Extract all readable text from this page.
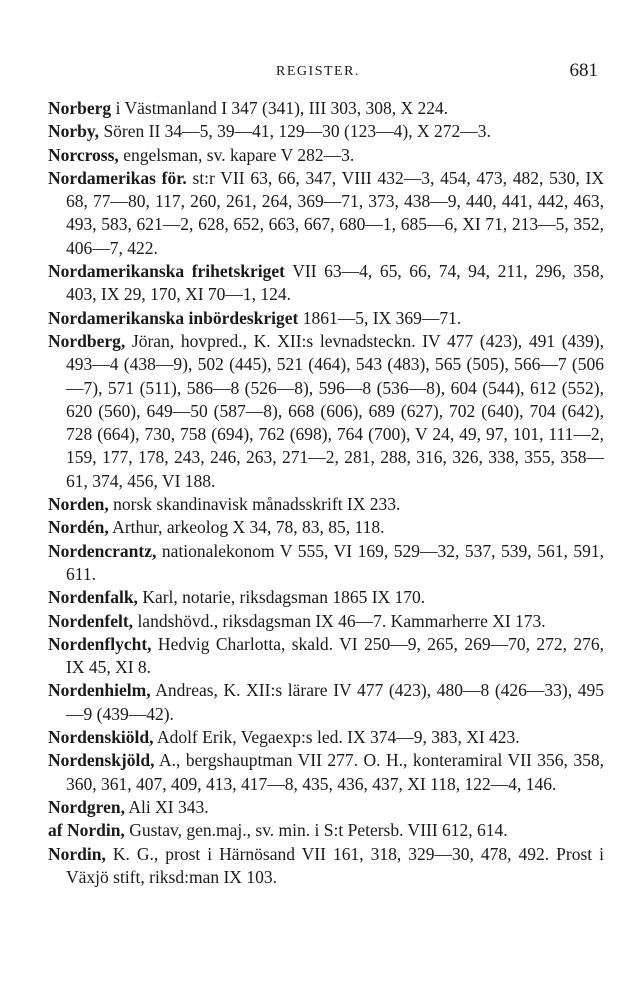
REGISTER.	681

Norberg i Västmanland I 347 (341), III 303, 308, X 224.

Norby, Sören II 34—5, 39—41, 129—30 (123—4), X 272—3.

Norcross, engelsman, sv. kapare V 282—3.

Nordamerikas för. st:r VII 63, 66, 347, VIII 432—3, 454, 473, 482, 530, IX 68, 77—80, 117, 260, 261, 264, 369—71, 373, 438—9, 440, 441, 442, 463, 493, 583, 621—2, 628, 652, 663, 667, 680—1, 685—6, XI 71, 213—5, 352, 406—7, 422.

Nordamerikanska frihetskriget VII 63—4, 65, 66, 74, 94, 211, 296, 358, 403, IX 29, 170, XI 70—1, 124.

Nordamerikanska inbördeskriget 1861—5, IX 369—71.

Nordberg, Jöran, hovpred., K. XII:s levnadsteckn. IV 477 (423), 491 (439), 493—4 (438—9), 502 (445), 521 (464), 543 (483), 565 (505), 566—7 (506—7), 571 (511), 586—8 (526—8), 596—8 (536—8), 604 (544), 612 (552), 620 (560), 649—50 (587—8), 668 (606), 689 (627), 702 (640), 704 (642), 728 (664), 730, 758 (694), 762 (698), 764 (700), V 24, 49, 97, 101, 111—2, 159, 177, 178, 243, 246, 263, 271—2, 281, 288, 316, 326, 338, 355, 358—61, 374, 456, VI 188.

Norden, norsk skandinavisk månadsskrift IX 233.

Nordén, Arthur, arkeolog X 34, 78, 83, 85, 118.

Nordencrantz, nationalekonom V 555, VI 169, 529—32, 537, 539, 561, 591, 611.

Nordenfalk, Karl, notarie, riksdagsman 1865 IX 170.

Nordenfelt, landshövd., riksdagsman IX 46—7. Kammarherre XI 173.

Nordenflycht, Hedvig Charlotta, skald. VI 250—9, 265, 269—70, 272, 276, IX 45, XI 8.

Nordenhielm, Andreas, K. XII:s lärare IV 477 (423), 480—8 (426—33), 495—9 (439—42).

Nordenskiöld, Adolf Erik, Vegaexp:s led. IX 374—9, 383, XI 423.

Nordenskjöld, A., bergshauptman VII 277. O. H., konteramiral VII 356, 358, 360, 361, 407, 409, 413, 417—8, 435, 436, 437, XI 118, 122—4, 146.

Nordgren, Ali XI 343.

af Nordin, Gustav, gen.maj., sv. min. i S:t Petersb. VIII 612, 614.

Nordin, K. G., prost i Härnösand VII 161, 318, 329—30, 478, 492. Prost i Växjö stift, riksd:man IX 103.
